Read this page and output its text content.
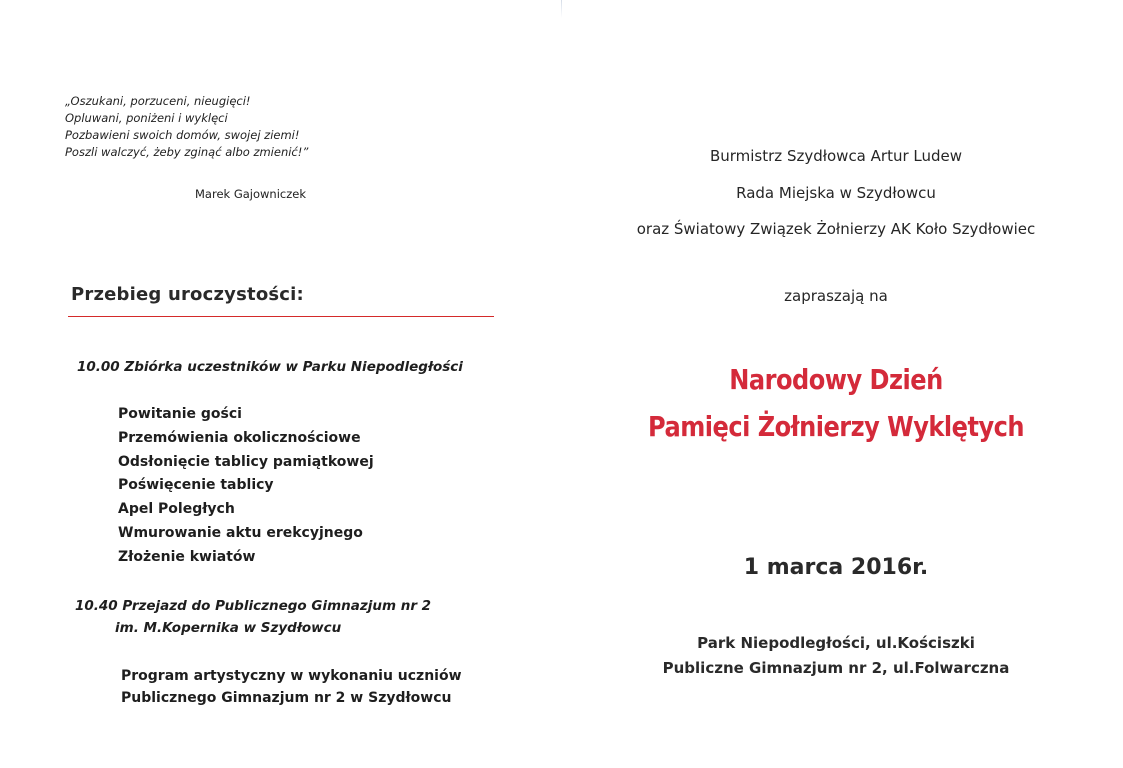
„Oszukani, porzuceni, nieugięci!
Opluwani, poniżeni i wyklęci
Pozbawieni swoich domów, swojej ziemi!
Poszli walczyć, żeby zginąć albo zmienić!”
Marek Gajowniczek
Przebieg uroczystości:
10.00 Zbiórka uczestników w Parku Niepodległości
Powitanie gości
Przemówienia okolicznościowe
Odsłonięcie tablicy pamiątkowej
Poświęcenie tablicy
Apel Poległych
Wmurowanie aktu erekcyjnego
Złożenie kwiatów
10.40 Przejazd do Publicznego Gimnazjum nr 2
im. M.Kopernika w Szydłowcu
Program artystyczny w wykonaniu uczniów
Publicznego Gimnazjum nr 2 w Szydłowcu
Burmistrz Szydłowca Artur Ludew
Rada Miejska w Szydłowcu
oraz Światowy Związek Żołnierzy AK Koło Szydłowiec
zapraszają na
Narodowy Dzień
Pamięci Żołnierzy Wyklętych
1 marca 2016r.
Park Niepodległości, ul.Kościszki
Publiczne Gimnazjum nr 2, ul.Folwarczna
